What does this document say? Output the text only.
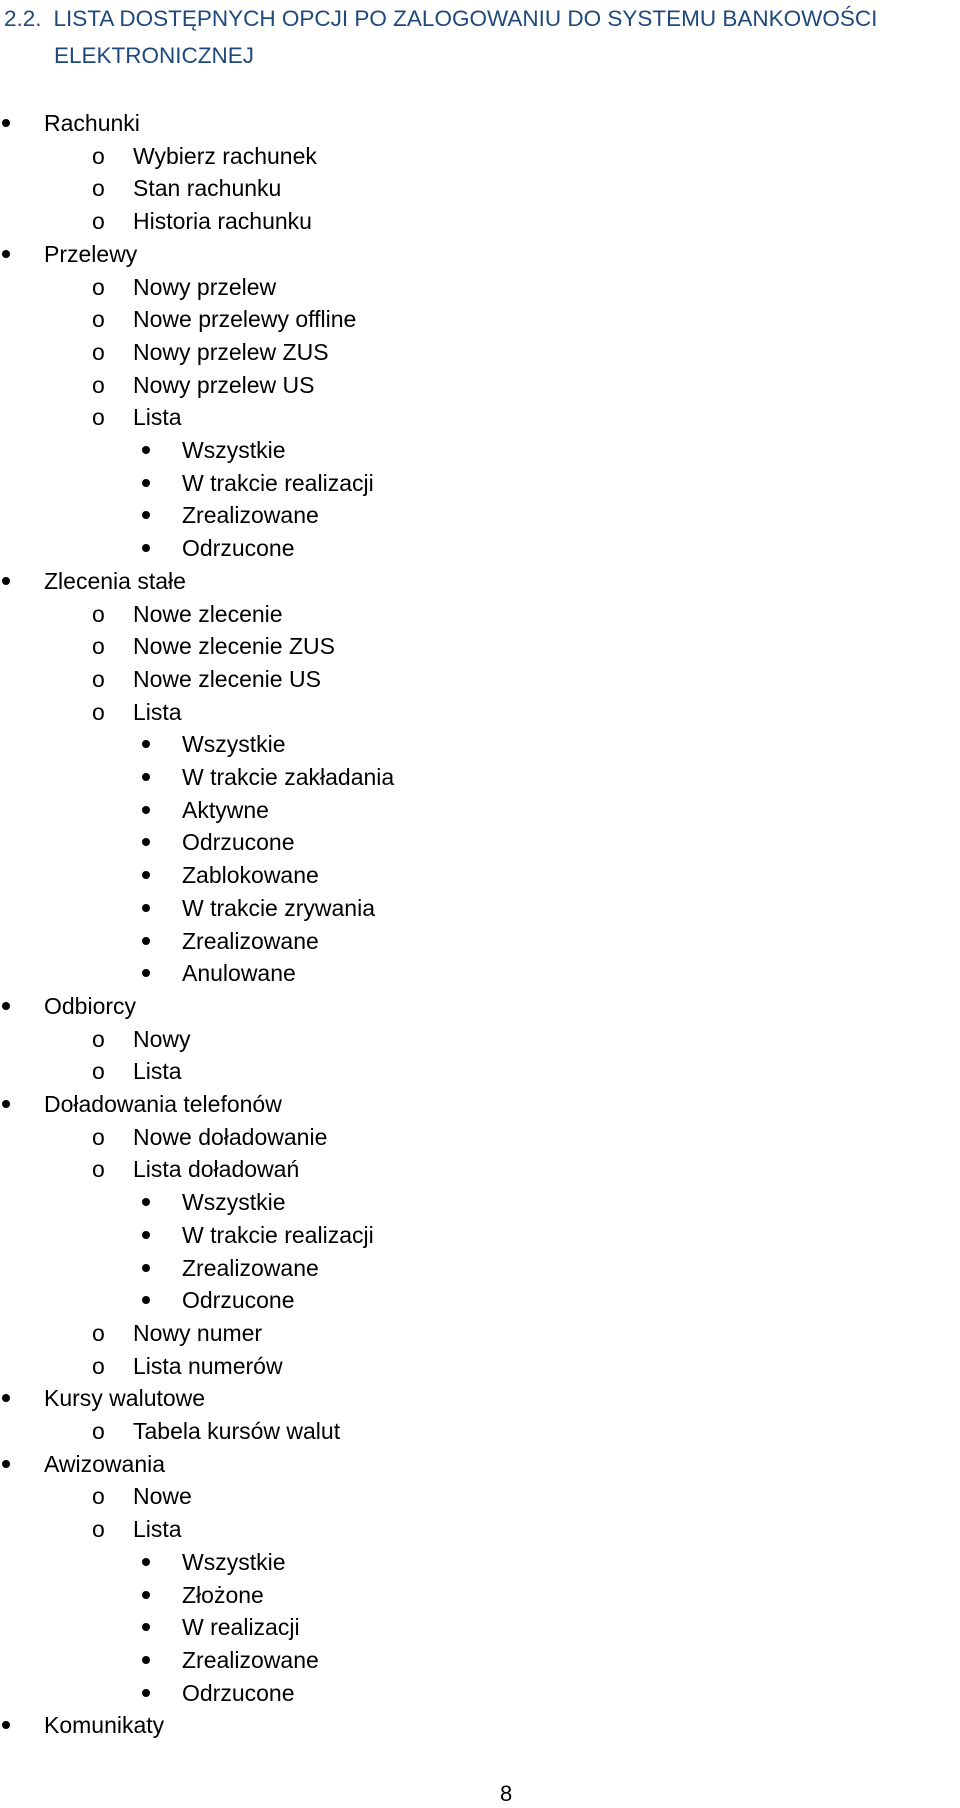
2.2. LISTA DOSTĘPNYCH OPCJI PO ZALOGOWANIU DO SYSTEMU BANKOWOŚCI
ELEKTRONICZNEJ
Rachunki
o Wybierz rachunek
o Stan rachunku
o Historia rachunku
Przelewy
o Nowy przelew
o Nowe przelewy offline
o Nowy przelew ZUS
o Nowy przelew US
o Lista
Wszystkie
W trakcie realizacji
Zrealizowane
Odrzucone
Zlecenia stałe
o Nowe zlecenie
o Nowe zlecenie ZUS
o Nowe zlecenie US
o Lista
Wszystkie
W trakcie zakładania
Aktywne
Odrzucone
Zablokowane
W trakcie zrywania
Zrealizowane
Anulowane
Odbiorcy
o Nowy
o Lista
Doładowania telefonów
o Nowe doładowanie
o Lista doładowań
Wszystkie
W trakcie realizacji
Zrealizowane
Odrzucone
o Nowy numer
o Lista numerów
Kursy walutowe
o Tabela kursów walut
Awizowania
o Nowe
o Lista
Wszystkie
Złożone
W realizacji
Zrealizowane
Odrzucone
Komunikaty
8
